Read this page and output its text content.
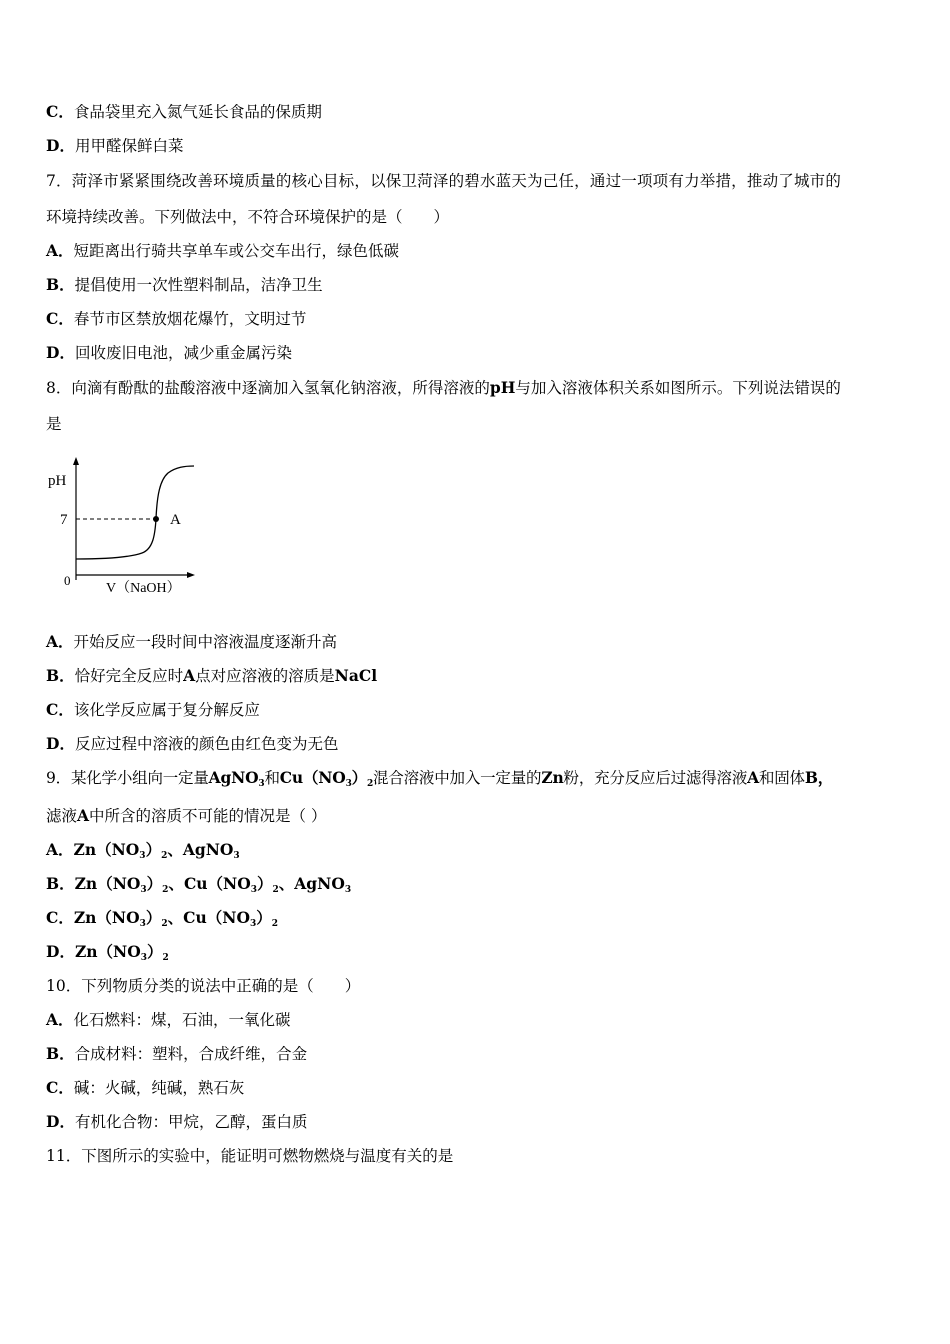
C．食品袋里充入氮气延长食品的保质期
D．用甲醛保鲜白菜
7．菏泽市紧紧围绕改善环境质量的核心目标，以保卫菏泽的碧水蓝天为己任，通过一项项有力举措，推动了城市的
环境持续改善。下列做法中，不符合环境保护的是（　　）
A．短距离出行骑共享单车或公交车出行，绿色低碳
B．提倡使用一次性塑料制品，洁净卫生
C．春节市区禁放烟花爆竹，文明过节
D．回收废旧电池，减少重金属污染
8．向滴有酚酞的盐酸溶液中逐滴加入氢氧化钠溶液，所得溶液的pH与加入溶液体积关系如图所示。下列说法错误的
是
pH
7
0
V（NaOH）
A
A．开始反应一段时间中溶液温度逐渐升高
B．恰好完全反应时A点对应溶液的溶质是NaCl
C．该化学反应属于复分解反应
D．反应过程中溶液的颜色由红色变为无色
9．某化学小组向一定量AgNO$_3$和$Cu(NO_3)_2$混合溶液中加入一定量的Zn粉，充分反应后过滤得溶液A和固体B，
滤液A中所含的溶质不可能的情况是（ ）
A．$Zn(NO_3)_2$、AgNO$_3$
B．$Zn(NO_3)_2$、$Cu(NO_3)_2$、AgNO$_3$
C．$Zn(NO_3)_2$、$Cu(NO_3)_2$
D．$Zn(NO_3)_2$
10．下列物质分类的说法中正确的是（　　）
A．化石燃料：煤，石油，一氧化碳
B．合成材料：塑料，合成纤维，合金
C．碱：火碱，纯碱，熟石灰
D．有机化合物：甲烷，乙醇，蛋白质
11．下图所示的实验中，能证明可燃物燃烧与温度有关的是
